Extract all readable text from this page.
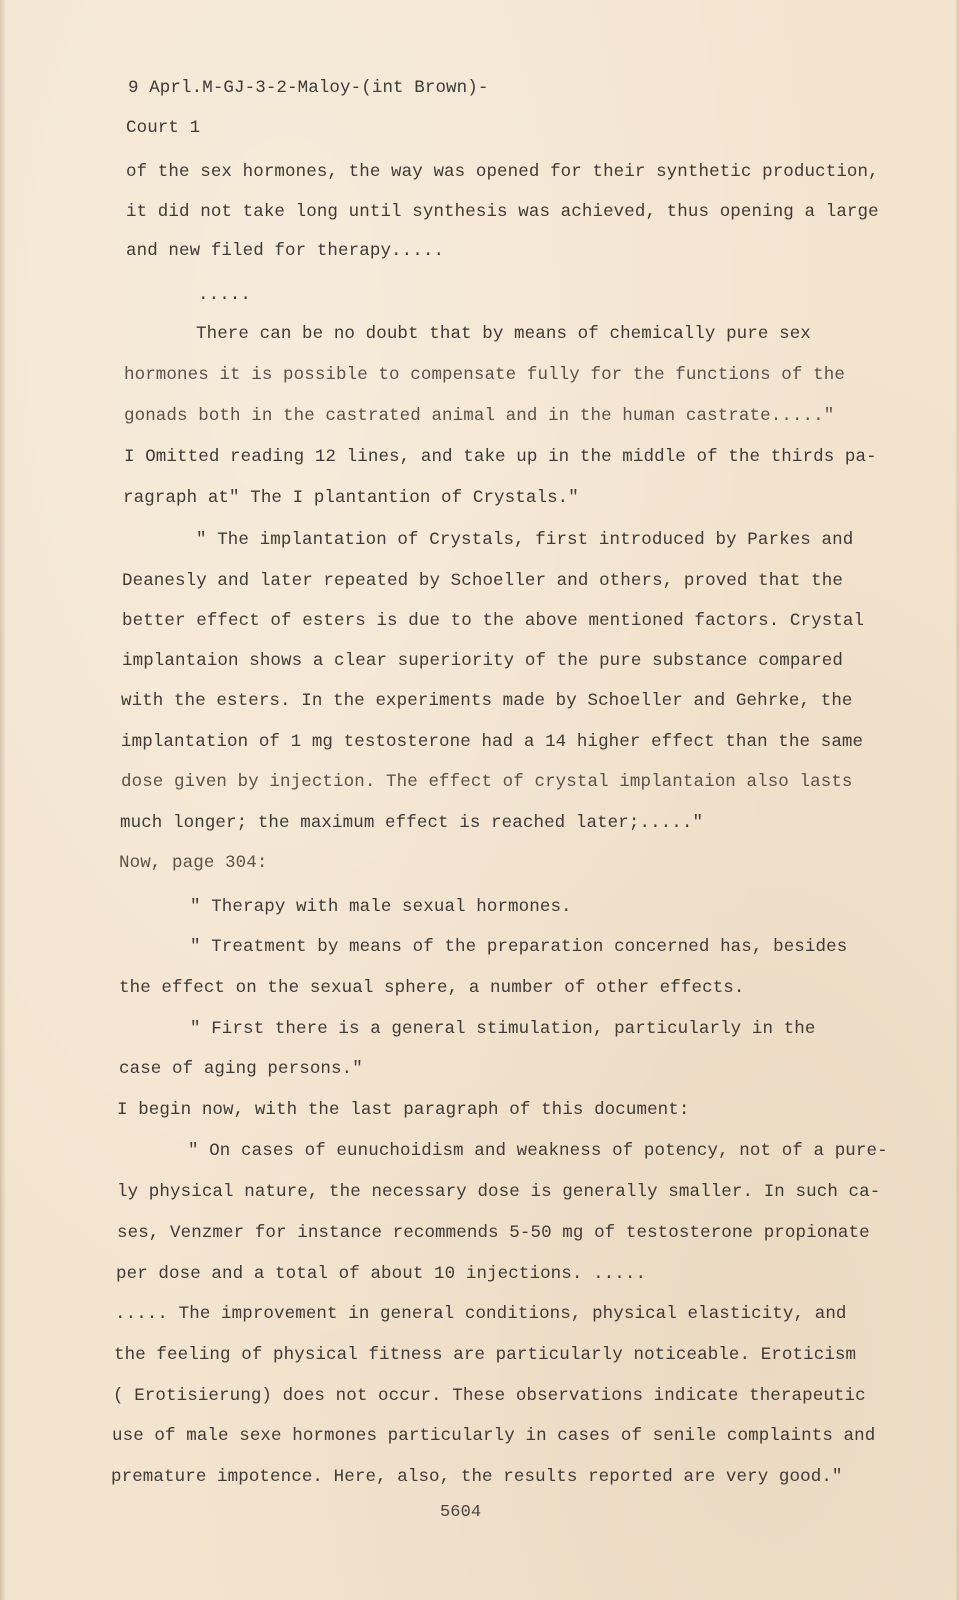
9 Aprl.M-GJ-3-2-Maloy-(int Brown)-
Court 1
of the sex hormones, the way was opened for their synthetic production,
it did not take long until synthesis was achieved, thus opening a large
and new filed for therapy.....
.....
There can be no doubt that by means of chemically pure sex
hormones it is possible to compensate fully for the functions of the
gonads both in the castrated animal and in the human castrate....."
I Omitted reading 12 lines, and take up in the middle of the thirds pa-
ragraph at" The I plantantion of Crystals."
" The implantation of Crystals, first introduced by Parkes and
Deanesly and later repeated by Schoeller and others, proved that the
better effect of esters is due to the above mentioned factors. Crystal
implantaion shows a clear superiority of the pure substance compared
with the esters. In the experiments made by Schoeller and Gehrke, the
implantation of 1 mg testosterone had a 14 higher effect than the same
dose given by injection. The effect of crystal implantaion also lasts
much longer; the maximum effect is reached later;....."
Now, page 304:
" Therapy with male sexual hormones.
" Treatment by means of the preparation concerned has, besides
the effect on the sexual sphere, a number of other effects.
" First there is a general stimulation, particularly in the
case of aging persons."
I begin now, with the last paragraph of this document:
" On cases of eunuchoidism and weakness of potency, not of a pure-
ly physical nature, the necessary dose is generally smaller. In such ca-
ses, Venzmer for instance recommends 5-50 mg of testosterone propionate
per dose and a total of about 10 injections. .....
..... The improvement in general conditions, physical elasticity, and
the feeling of physical fitness are particularly noticeable. Eroticism
( Erotisierung) does not occur. These observations indicate therapeutic
use of male sexe hormones particularly in cases of senile complaints and
premature impotence. Here, also, the results reported are very good."
5604
